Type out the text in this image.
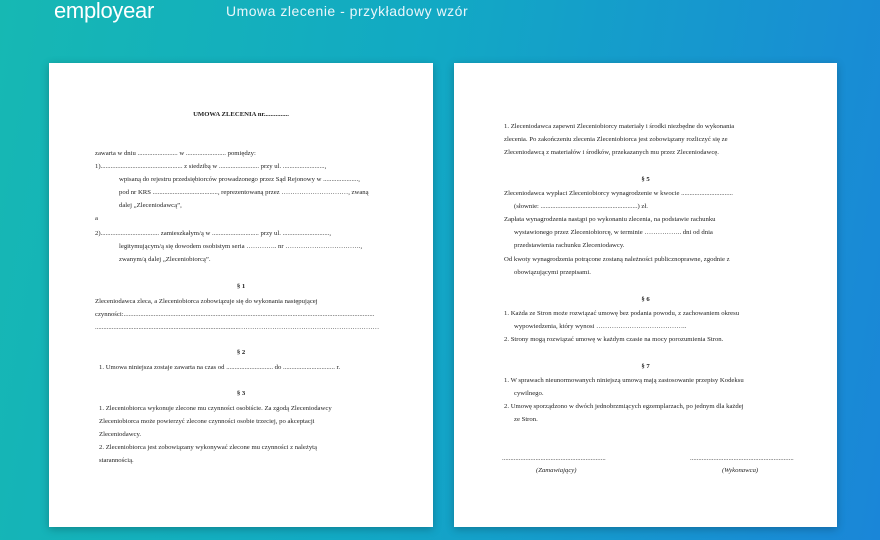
employear	Umowa zlecenie - przykładowy wzór
UMOWA ZLECENIA nr...............
zawarta w dniu ........................ w ........................ pomiędzy:
1)................................................. z siedzibą w ........................ przy ul. .........................,
wpisaną do rejestru przedsiębiorców prowadzonego przez Sąd Rejonowy w .....................,
pod nr KRS ......................................., reprezentowaną przez …………………………, zwaną
dalej „Zleceniodawcą”,
a
2)................................... zamieszkałym/ą w ............................ przy ul. ............................,
legitymującym/ą się dowodem osobistym seria ………….. nr …………………………….,
zwanym/ą dalej „Zleceniobiorcą”.
§ 1
Zleceniodawca zleca, a Zleceniobiorca zobowiązuje się do wykonania następującej
czynności:......................................................................................................................................................
......................................................................................………………………………………………………
§ 2
1. Umowa niniejsza zostaje zawarta na czas od ............................ do ............................... r.
§ 3
1. Zleceniobiorca wykonuje zlecone mu czynności osobiście. Za zgodą Zleceniodawcy
Zleceniobiorca może powierzyć zlecone czynności osobie trzeciej, po akceptacji
Zleceniodawcy.
2. Zleceniobiorca jest zobowiązany wykonywać zlecone mu czynności z należytą
starannością.
1. Zleceniodawca zapewni Zleceniobiorcy materiały i środki niezbędne do wykonania
zlecenia. Po zakończeniu zlecenia Zleceniobiorca jest zobowiązany rozliczyć się ze
Zleceniodawcą z materiałów i środków, przekazanych mu przez Zleceniodawcę.
§ 5
Zleceniodawca wypłaci Zleceniobiorcy wynagrodzenie w kwocie ...............................
(słownie: ..........................................................) zł.
Zapłata wynagrodzenia nastąpi po wykonaniu zlecenia, na podstawie rachunku
wystawionego przez Zleceniobiorcę, w terminie …………….. dni od dnia
przedstawienia rachunku Zleceniodawcy.
Od kwoty wynagrodzenia potrącone zostaną należności publicznoprawne, zgodnie z
obowiązującymi przepisami.
§ 6
1. Każda ze Stron może rozwiązać umowę bez podania powodu, z zachowaniem okresu
wypowiedzenia, który wynosi …………………………………..
2. Strony mogą rozwiązać umowę w każdym czasie na mocy porozumienia Stron.
§ 7
1. W sprawach nieunormowanych niniejszą umową mają zastosowanie przepisy Kodeksu
cywilnego.
2. Umowę sporządzono w dwóch jednobrzmiących egzemplarzach, po jednym dla każdej
ze Stron.
..............................................................	..............................................................
(Zamawiający)	(Wykonawca)
